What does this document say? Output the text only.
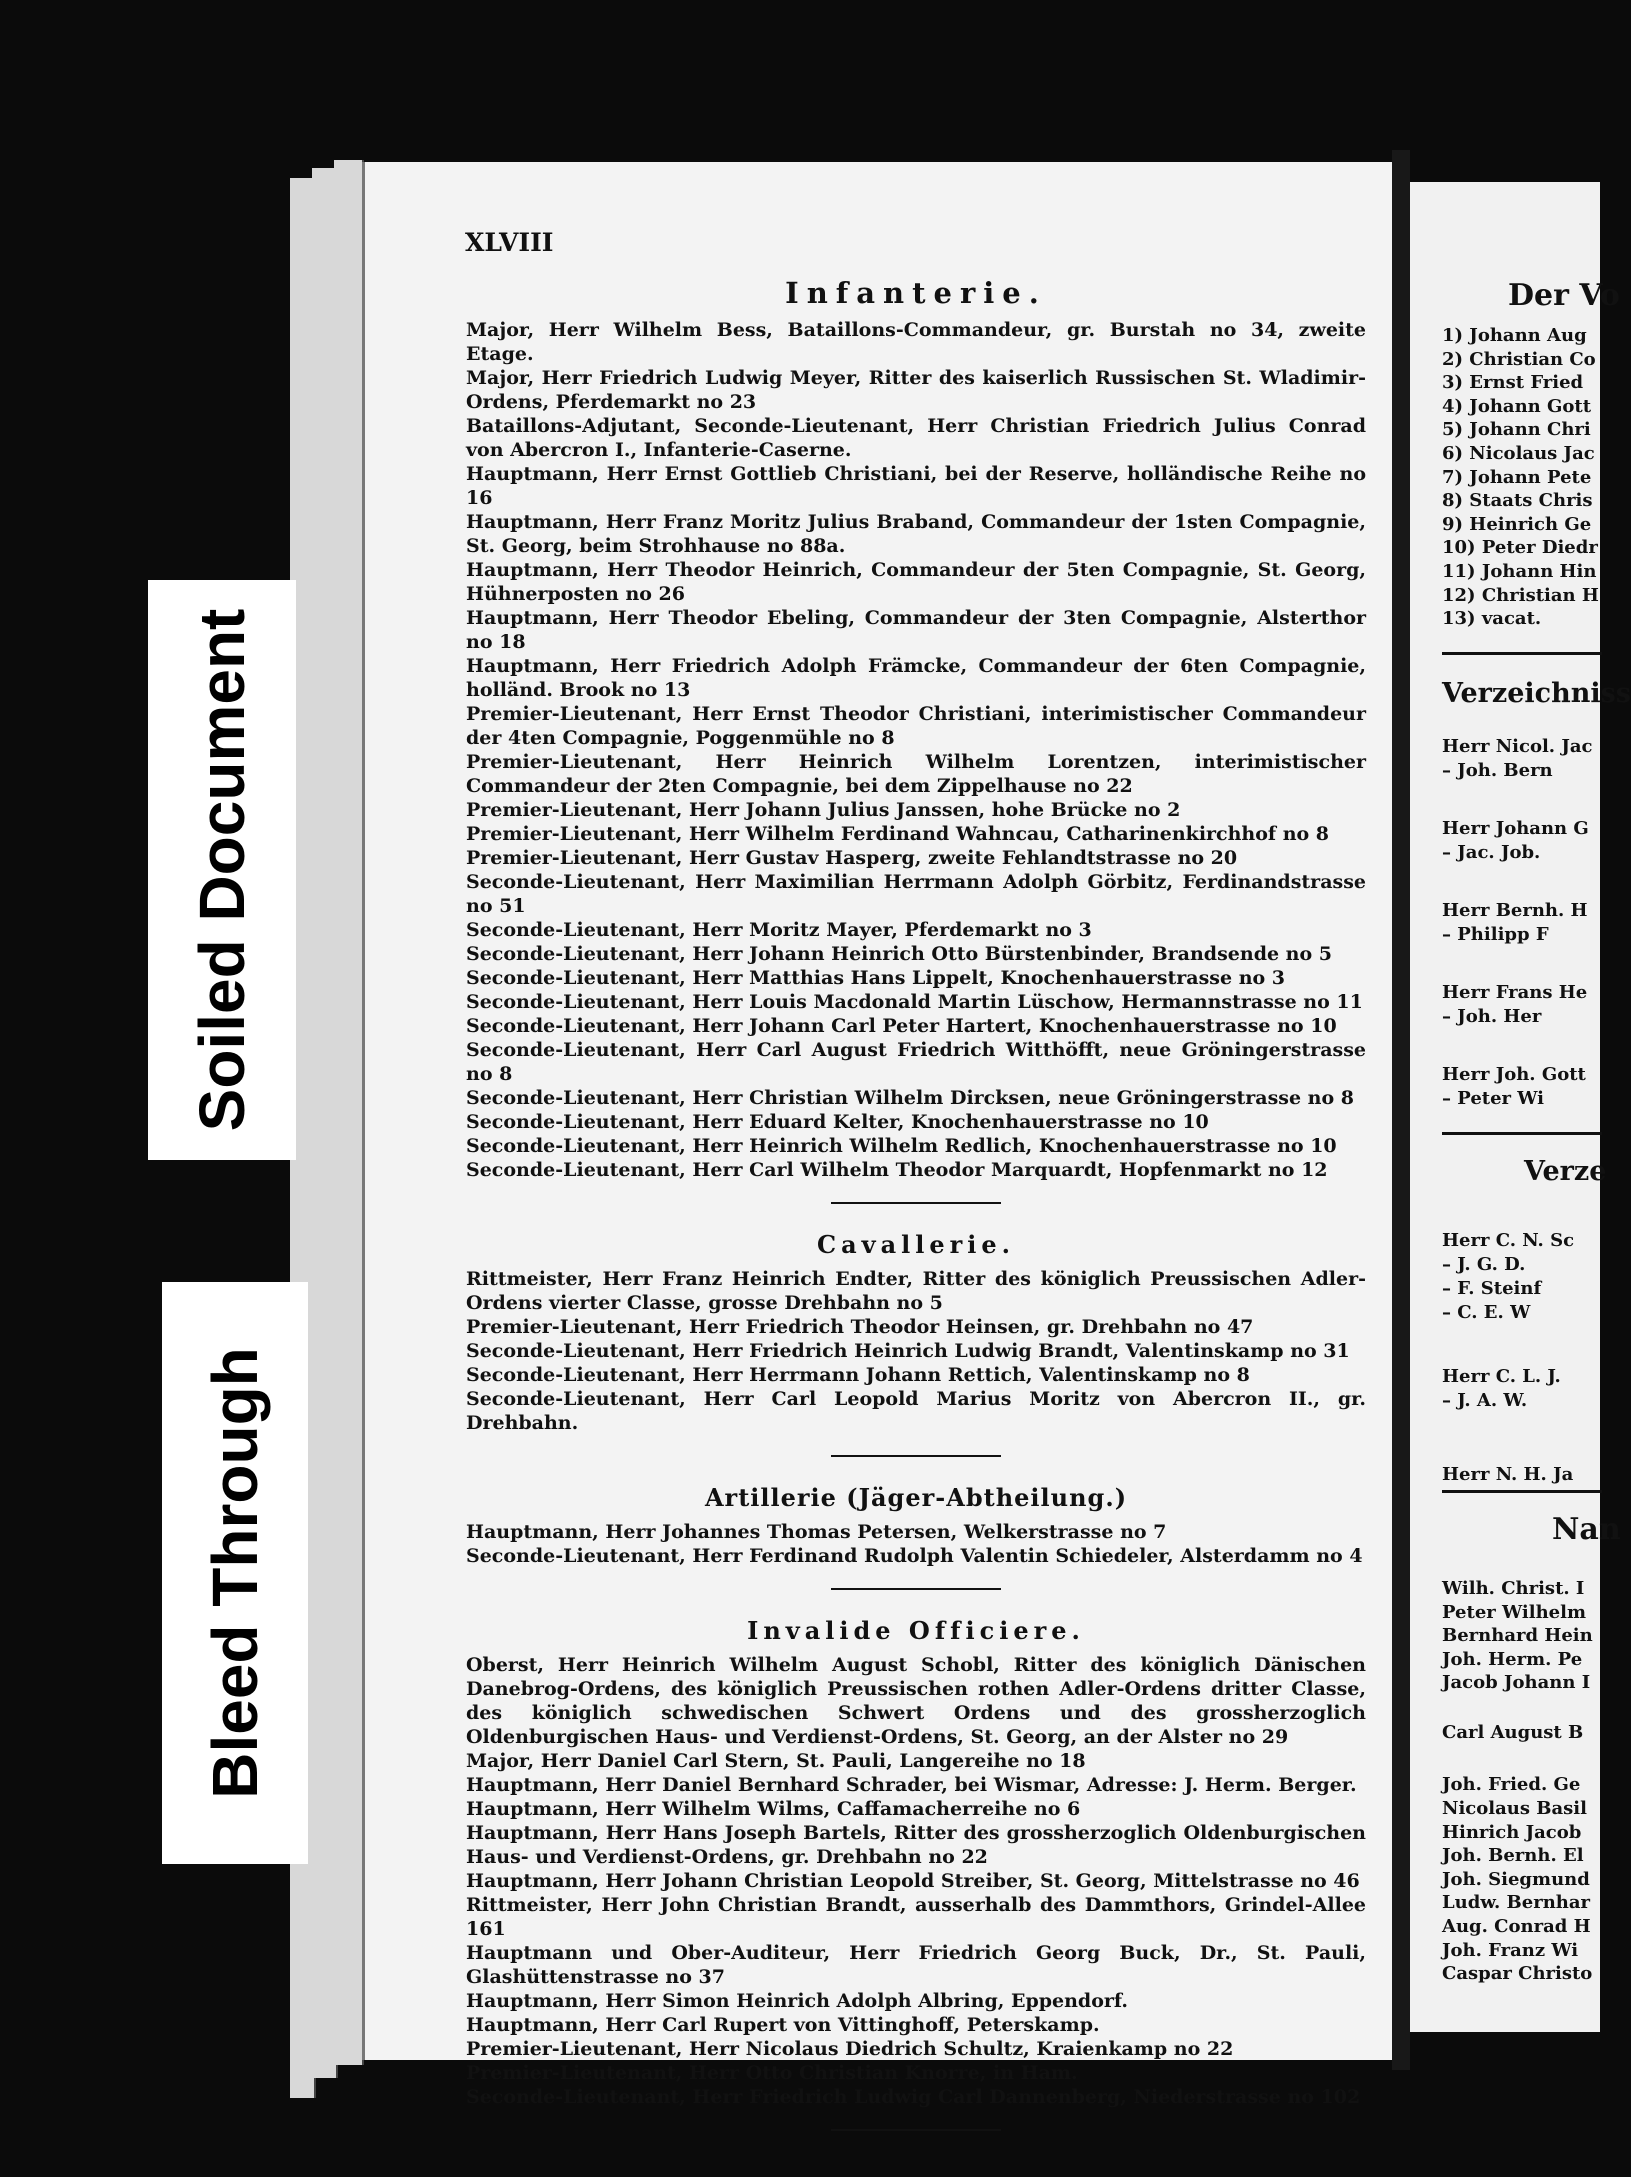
Soiled Document
Bleed Through
XLVIII
Infanterie.
Major, Herr Wilhelm Bess, Bataillons-Commandeur, gr. Burstah no 34, zweite Etage.
Major, Herr Friedrich Ludwig Meyer, Ritter des kaiserlich Russischen St. Wladimir-Ordens, Pferdemarkt no 23
Bataillons-Adjutant, Seconde-Lieutenant, Herr Christian Friedrich Julius Conrad von Abercron I., Infanterie-Caserne.
Hauptmann, Herr Ernst Gottlieb Christiani, bei der Reserve, holländische Reihe no 16
Hauptmann, Herr Franz Moritz Julius Braband, Commandeur der 1sten Compagnie, St. Georg, beim Strohhause no 88a.
Hauptmann, Herr Theodor Heinrich, Commandeur der 5ten Compagnie, St. Georg, Hühnerposten no 26
Hauptmann, Herr Theodor Ebeling, Commandeur der 3ten Compagnie, Alsterthor no 18
Hauptmann, Herr Friedrich Adolph Främcke, Commandeur der 6ten Compagnie, holländ. Brook no 13
Premier-Lieutenant, Herr Ernst Theodor Christiani, interimistischer Commandeur der 4ten Compagnie, Poggenmühle no 8
Premier-Lieutenant, Herr Heinrich Wilhelm Lorentzen, interimistischer Commandeur der 2ten Compagnie, bei dem Zippelhause no 22
Premier-Lieutenant, Herr Johann Julius Janssen, hohe Brücke no 2
Premier-Lieutenant, Herr Wilhelm Ferdinand Wahncau, Catharinenkirchhof no 8
Premier-Lieutenant, Herr Gustav Hasperg, zweite Fehlandtstrasse no 20
Seconde-Lieutenant, Herr Maximilian Herrmann Adolph Görbitz, Ferdinandstrasse no 51
Seconde-Lieutenant, Herr Moritz Mayer, Pferdemarkt no 3
Seconde-Lieutenant, Herr Johann Heinrich Otto Bürstenbinder, Brandsende no 5
Seconde-Lieutenant, Herr Matthias Hans Lippelt, Knochenhauerstrasse no 3
Seconde-Lieutenant, Herr Louis Macdonald Martin Lüschow, Hermannstrasse no 11
Seconde-Lieutenant, Herr Johann Carl Peter Hartert, Knochenhauerstrasse no 10
Seconde-Lieutenant, Herr Carl August Friedrich Witthöfft, neue Gröningerstrasse no 8
Seconde-Lieutenant, Herr Christian Wilhelm Dircksen, neue Gröningerstrasse no 8
Seconde-Lieutenant, Herr Eduard Kelter, Knochenhauerstrasse no 10
Seconde-Lieutenant, Herr Heinrich Wilhelm Redlich, Knochenhauerstrasse no 10
Seconde-Lieutenant, Herr Carl Wilhelm Theodor Marquardt, Hopfenmarkt no 12
Cavallerie.
Rittmeister, Herr Franz Heinrich Endter, Ritter des königlich Preussischen Adler-Ordens vierter Classe, grosse Drehbahn no 5
Premier-Lieutenant, Herr Friedrich Theodor Heinsen, gr. Drehbahn no 47
Seconde-Lieutenant, Herr Friedrich Heinrich Ludwig Brandt, Valentinskamp no 31
Seconde-Lieutenant, Herr Herrmann Johann Rettich, Valentinskamp no 8
Seconde-Lieutenant, Herr Carl Leopold Marius Moritz von Abercron II., gr. Drehbahn.
Artillerie (Jäger-Abtheilung.)
Hauptmann, Herr Johannes Thomas Petersen, Welkerstrasse no 7
Seconde-Lieutenant, Herr Ferdinand Rudolph Valentin Schiedeler, Alsterdamm no 4
Invalide Officiere.
Oberst, Herr Heinrich Wilhelm August Schobl, Ritter des königlich Dänischen Danebrog-Ordens, des königlich Preussischen rothen Adler-Ordens dritter Classe, des königlich schwedischen Schwert Ordens und des grossherzoglich Oldenburgischen Haus- und Verdienst-Ordens, St. Georg, an der Alster no 29
Major, Herr Daniel Carl Stern, St. Pauli, Langereihe no 18
Hauptmann, Herr Daniel Bernhard Schrader, bei Wismar, Adresse: J. Herm. Berger.
Hauptmann, Herr Wilhelm Wilms, Caffamacherreihe no 6
Hauptmann, Herr Hans Joseph Bartels, Ritter des grossherzoglich Oldenburgischen Haus- und Verdienst-Ordens, gr. Drehbahn no 22
Hauptmann, Herr Johann Christian Leopold Streiber, St. Georg, Mittelstrasse no 46
Rittmeister, Herr John Christian Brandt, ausserhalb des Dammthors, Grindel-Allee 161
Hauptmann und Ober-Auditeur, Herr Friedrich Georg Buck, Dr., St. Pauli, Glashüttenstrasse no 37
Hauptmann, Herr Simon Heinrich Adolph Albring, Eppendorf.
Hauptmann, Herr Carl Rupert von Vittinghoff, Peterskamp.
Premier-Lieutenant, Herr Nicolaus Diedrich Schultz, Kraienkamp no 22
Premier-Lieutenant, Herr Otto Christian Knorre, in Ham.
Seconde-Lieutenant, Herr Friedrich Ludwig Carl Dannenberg, Niederstrasse no 102
Der Vo
1) Johann Aug
2) Christian Co
3) Ernst Fried
4) Johann Gott
5) Johann Chri
6) Nicolaus Jac
7) Johann Pete
8) Staats Chris
9) Heinrich Ge
10) Peter Diedr
11) Johann Hin
12) Christian H
13) vacat.
Verzeichniss
Herr Nicol. Jac
– Joh. Bern
Herr Johann G
– Jac. Job.
Herr Bernh. H
– Philipp F
Herr Frans He
– Joh. Her
Herr Joh. Gott
– Peter Wi
Verze
Herr C. N. Sc
– J. G. D.
– F. Steinf
– C. E. W
Herr C. L. J.
– J. A. W.
Herr N. H. Ja
Nan
Wilh. Christ. I
Peter Wilhelm
Bernhard Hein
Joh. Herm. Pe
Jacob Johann I
Carl August B
Joh. Fried. Ge
Nicolaus Basil
Hinrich Jacob
Joh. Bernh. El
Joh. Siegmund
Ludw. Bernhar
Aug. Conrad H
Joh. Franz Wi
Caspar Christo
